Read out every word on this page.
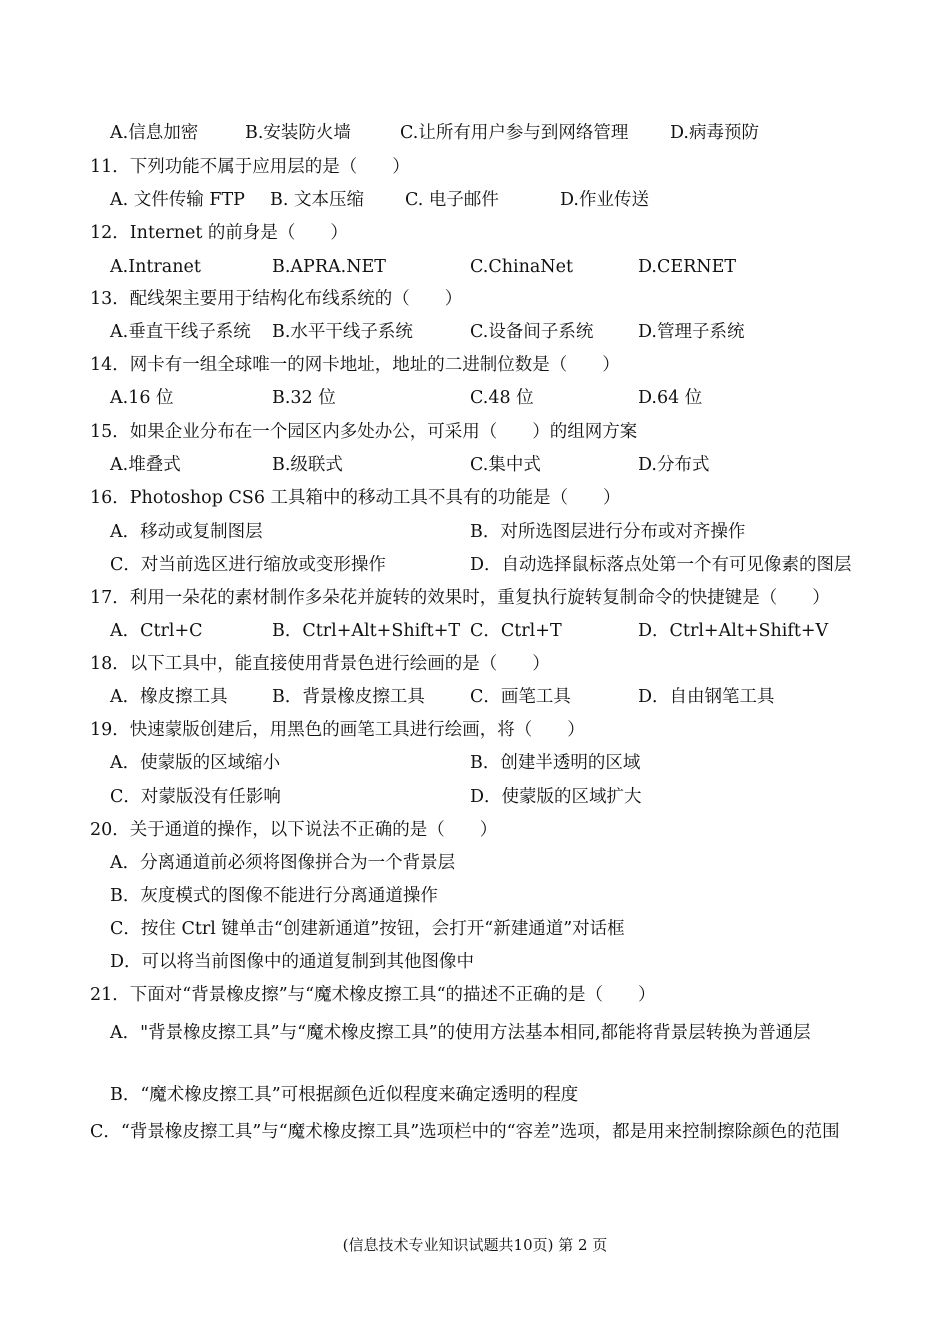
A.信息加密	B.安装防火墙	C.让所有用户参与到网络管理 D.病毒预防
11．下列功能不属于应用层的是（　　）
A. 文件传输 FTP B. 文本压缩 C. 电子邮件	D.作业传送
12．Internet 的前身是（　　）
A.Intranet	B.APRA.NET	C.ChinaNet	D.CERNET
13．配线架主要用于结构化布线系统的（　　）
A.垂直干线子系统 B.水平干线子系统	C.设备间子系统	D.管理子系统
14．网卡有一组全球唯一的网卡地址，地址的二进制位数是（　　）
A.16 位	B.32 位	C.48 位	D.64 位
15．如果企业分布在一个园区内多处办公，可采用（　　）的组网方案
A.堆叠式	B.级联式	C.集中式	D.分布式
16．Photoshop CS6 工具箱中的移动工具不具有的功能是（　　）
A．移动或复制图层	B．对所选图层进行分布或对齐操作
C．对当前选区进行缩放或变形操作	D．自动选择鼠标落点处第一个有可见像素的图层
17．利用一朵花的素材制作多朵花并旋转的效果时，重复执行旋转复制命令的快捷键是（　　）
A．Ctrl+C	B．Ctrl+Alt+Shift+T C．Ctrl+T	D．Ctrl+Alt+Shift+V
18．以下工具中，能直接使用背景色进行绘画的是（　　）
A．橡皮擦工具	B．背景橡皮擦工具	C．画笔工具	D．自由钢笔工具
19．快速蒙版创建后，用黑色的画笔工具进行绘画，将（　　）
A．使蒙版的区域缩小	B．创建半透明的区域
C．对蒙版没有任影响	D．使蒙版的区域扩大
20．关于通道的操作，以下说法不正确的是（　　）
A．分离通道前必须将图像拼合为一个背景层
B．灰度模式的图像不能进行分离通道操作
C．按住 Ctrl 键单击“创建新通道”按钮，会打开“新建通道”对话框
D．可以将当前图像中的通道复制到其他图像中
21．下面对“背景橡皮擦”与“魔术橡皮擦工具“的描述不正确的是（　　）
A．"背景橡皮擦工具”与“魔术橡皮擦工具”的使用方法基本相同,都能将背景层转换为普通层
B．“魔术橡皮擦工具”可根据颜色近似程度来确定透明的程度
C．“背景橡皮擦工具”与“魔术橡皮擦工具”选项栏中的“容差”选项，都是用来控制擦除颜色的范围
(信息技术专业知识试题共10页) 第 2 页
